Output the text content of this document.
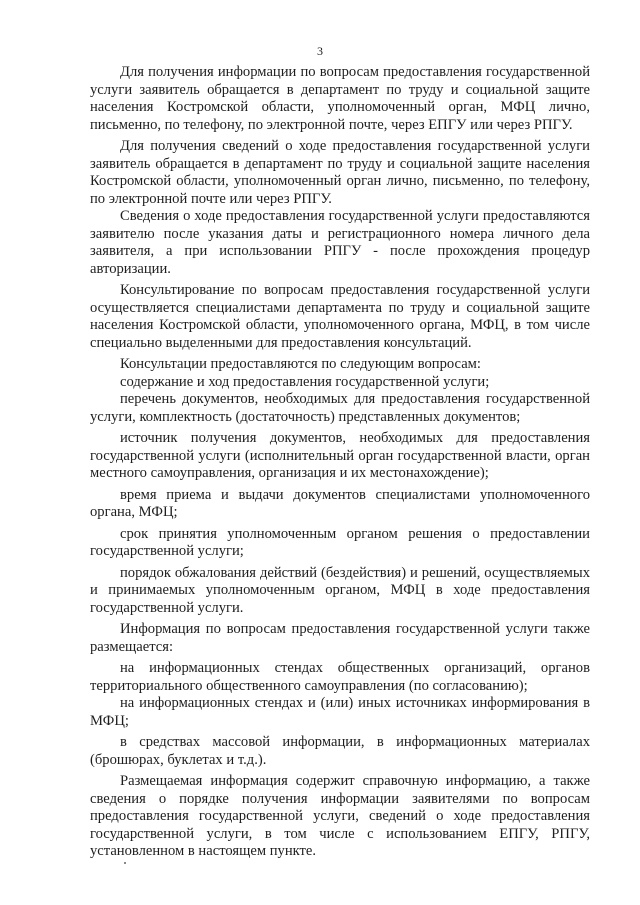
3

Для получения информации по вопросам предоставления государственной услуги заявитель обращается в департамент по труду и социальной защите населения Костромской области, уполномоченный орган, МФЦ лично, письменно, по телефону, по электронной почте, через ЕПГУ или через РПГУ.

Для получения сведений о ходе предоставления государственной услуги заявитель обращается в департамент по труду и социальной защите населения Костромской области, уполномоченный орган лично, письменно, по телефону, по электронной почте или через РПГУ.

Сведения о ходе предоставления государственной услуги предоставляются заявителю после указания даты и регистрационного номера личного дела заявителя, а при использовании РПГУ - после прохождения процедур авторизации.

Консультирование по вопросам предоставления государственной услуги осуществляется специалистами департамента по труду и социальной защите населения Костромской области, уполномоченного органа, МФЦ, в том числе специально выделенными для предоставления консультаций.

Консультации предоставляются по следующим вопросам:

содержание и ход предоставления государственной услуги;

перечень документов, необходимых для предоставления государственной услуги, комплектность (достаточность) представленных документов;

источник получения документов, необходимых для предоставления государственной услуги (исполнительный орган государственной власти, орган местного самоуправления, организация и их местонахождение);

время приема и выдачи документов специалистами уполномоченного органа, МФЦ;

срок принятия уполномоченным органом решения о предоставлении государственной услуги;

порядок обжалования действий (бездействия) и решений, осуществляемых и принимаемых уполномоченным органом, МФЦ в ходе предоставления государственной услуги.

Информация по вопросам предоставления государственной услуги также размещается:

на информационных стендах общественных организаций, органов территориального общественного самоуправления (по согласованию);

на информационных стендах и (или) иных источниках информирования в МФЦ;

в средствах массовой информации, в информационных материалах (брошюрах, буклетах и т.д.).

Размещаемая информация содержит справочную информацию, а также сведения о порядке получения информации заявителями по вопросам предоставления государственной услуги, сведений о ходе предоставления государственной услуги, в том числе с использованием ЕПГУ, РПГУ, установленном в настоящем пункте.
